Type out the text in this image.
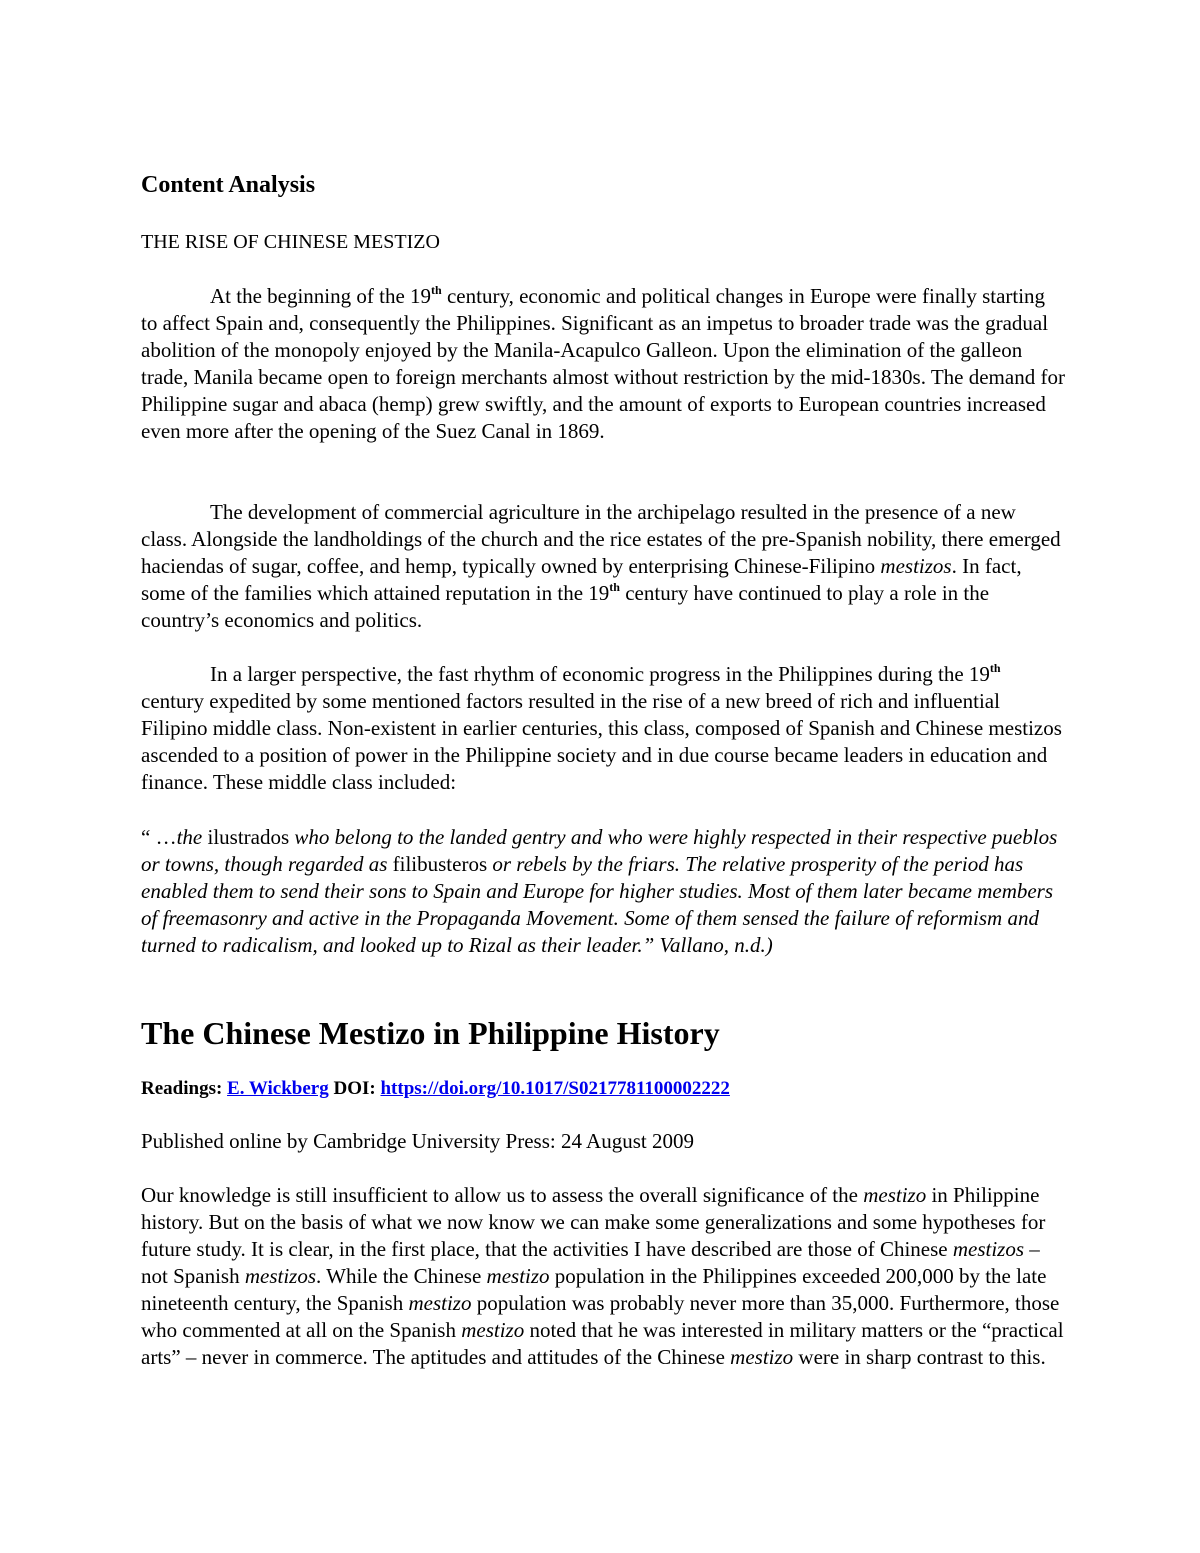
Content Analysis

THE RISE OF CHINESE MESTIZO

At the beginning of the 19th century, economic and political changes in Europe were finally starting to affect Spain and, consequently the Philippines. Significant as an impetus to broader trade was the gradual abolition of the monopoly enjoyed by the Manila-Acapulco Galleon. Upon the elimination of the galleon trade, Manila became open to foreign merchants almost without restriction by the mid-1830s. The demand for Philippine sugar and abaca (hemp) grew swiftly, and the amount of exports to European countries increased even more after the opening of the Suez Canal in 1869.

The development of commercial agriculture in the archipelago resulted in the presence of a new class. Alongside the landholdings of the church and the rice estates of the pre-Spanish nobility, there emerged haciendas of sugar, coffee, and hemp, typically owned by enterprising Chinese-Filipino mestizos. In fact, some of the families which attained reputation in the 19th century have continued to play a role in the country’s economics and politics.

In a larger perspective, the fast rhythm of economic progress in the Philippines during the 19th century expedited by some mentioned factors resulted in the rise of a new breed of rich and influential Filipino middle class. Non-existent in earlier centuries, this class, composed of Spanish and Chinese mestizos ascended to a position of power in the Philippine society and in due course became leaders in education and finance. These middle class included:

“ …the ilustrados who belong to the landed gentry and who were highly respected in their respective pueblos or towns, though regarded as filibusteros or rebels by the friars. The relative prosperity of the period has enabled them to send their sons to Spain and Europe for higher studies. Most of them later became members of freemasonry and active in the Propaganda Movement. Some of them sensed the failure of reformism and turned to radicalism, and looked up to Rizal as their leader.” Vallano, n.d.)

The Chinese Mestizo in Philippine History

Readings: E. Wickberg DOI: https://doi.org/10.1017/S0217781100002222

Published online by Cambridge University Press: 24 August 2009

Our knowledge is still insufficient to allow us to assess the overall significance of the mestizo in Philippine history. But on the basis of what we now know we can make some generalizations and some hypotheses for future study. It is clear, in the first place, that the activities I have described are those of Chinese mestizos – not Spanish mestizos. While the Chinese mestizo population in the Philippines exceeded 200,000 by the late nineteenth century, the Spanish mestizo population was probably never more than 35,000. Furthermore, those who commented at all on the Spanish mestizo noted that he was interested in military matters or the “practical arts” – never in commerce. The aptitudes and attitudes of the Chinese mestizo were in sharp contrast to this.
